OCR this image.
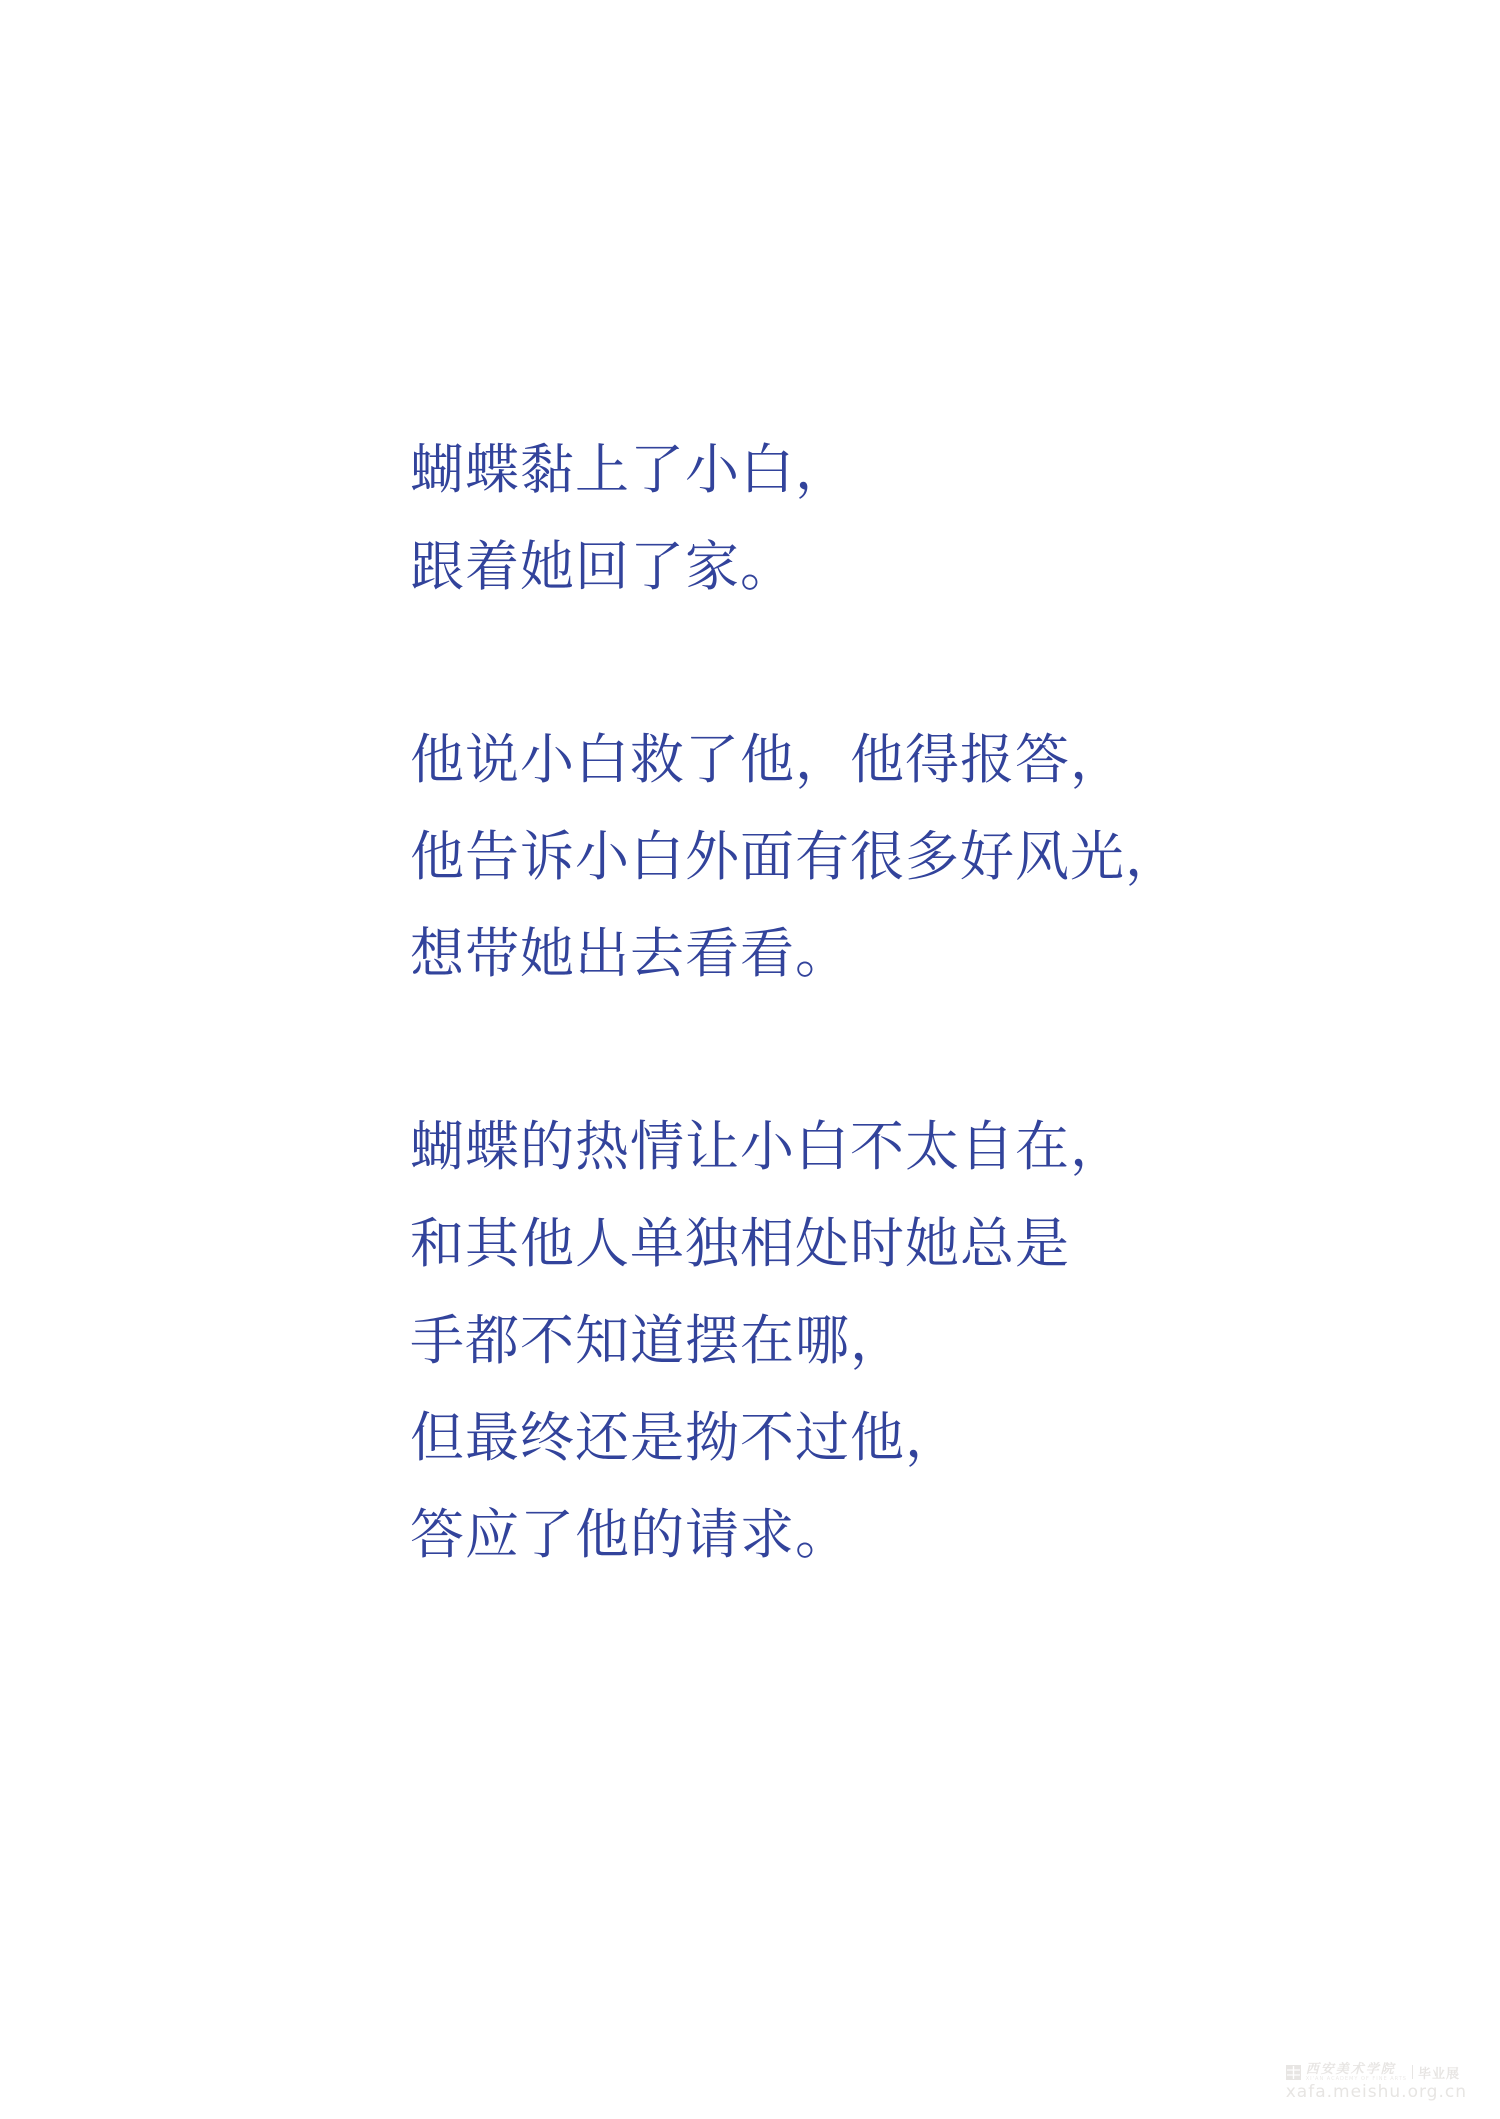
蝴蝶黏上了小白，
跟着她回了家。
他说小白救了他，他得报答，
他告诉小白外面有很多好风光，
想带她出去看看。
蝴蝶的热情让小白不太自在，
和其他人单独相处时她总是
手都不知道摆在哪，
但最终还是拗不过他，
答应了他的请求。
西安美术学院
XI'AN ACADEMY OF FINE ARTS 毕业展
xafa.meishu.org.cn
